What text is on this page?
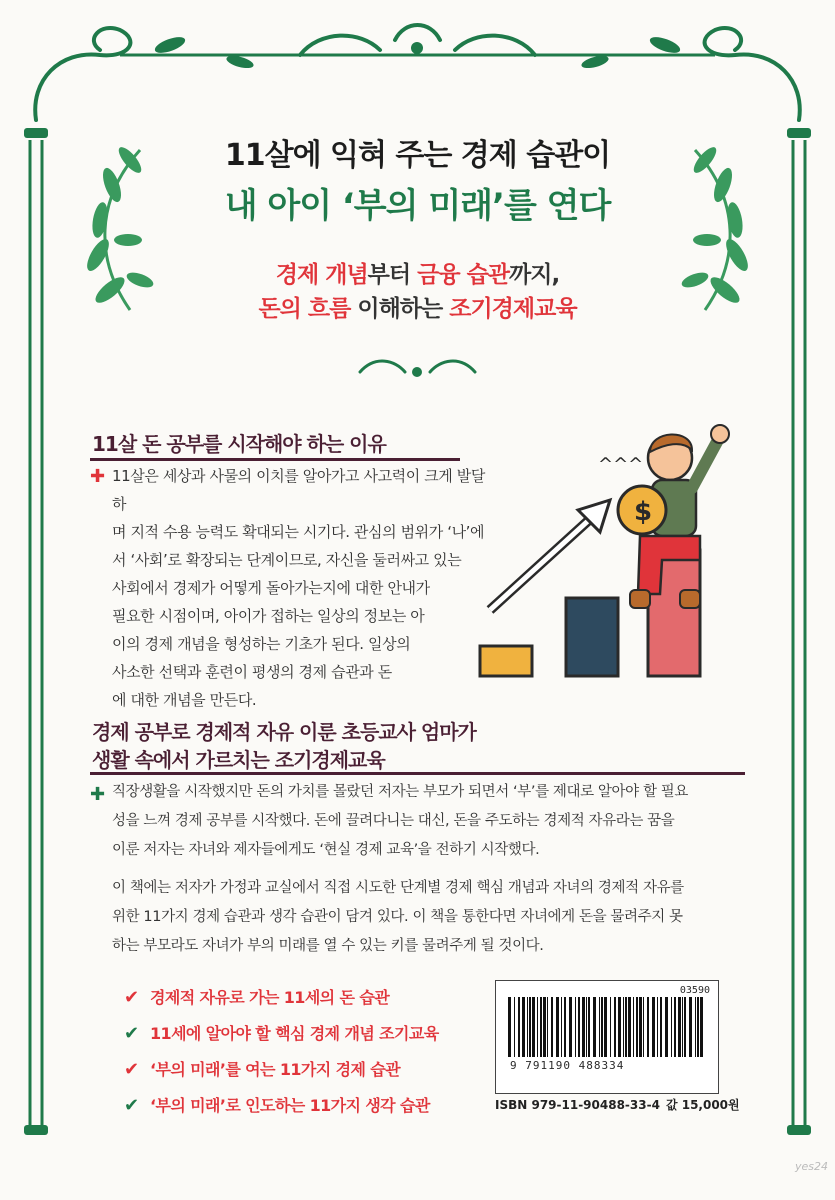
11살에 익혀 주는 경제 습관이
내 아이 ‘부의 미래’를 연다
경제 개념부터 금융 습관까지,
돈의 흐름 이해하는 조기경제교육
11살 돈 공부를 시작해야 하는 이유
✚ 11살은 세상과 사물의 이치를 알아가고 사고력이 크게 발달하
며 지적 수용 능력도 확대되는 시기다. 관심의 범위가 ‘나’에
서 ‘사회’로 확장되는 단계이므로, 자신을 둘러싸고 있는
사회에서 경제가 어떻게 돌아가는지에 대한 안내가
필요한 시점이며, 아이가 접하는 일상의 정보는 아
이의 경제 개념을 형성하는 기초가 된다. 일상의
사소한 선택과 훈련이 평생의 경제 습관과 돈
에 대한 개념을 만든다.
^^^
$
경제 공부로 경제적 자유 이룬 초등교사 엄마가
생활 속에서 가르치는 조기경제교육
✚ 직장생활을 시작했지만 돈의 가치를 몰랐던 저자는 부모가 되면서 ‘부’를 제대로 알아야 할 필요
성을 느껴 경제 공부를 시작했다. 돈에 끌려다니는 대신, 돈을 주도하는 경제적 자유라는 꿈을
이룬 저자는 자녀와 제자들에게도 ‘현실 경제 교육’을 전하기 시작했다.
이 책에는 저자가 가정과 교실에서 직접 시도한 단계별 경제 핵심 개념과 자녀의 경제적 자유를
위한 11가지 경제 습관과 생각 습관이 담겨 있다. 이 책을 통한다면 자녀에게 돈을 물려주지 못
하는 부모라도 자녀가 부의 미래를 열 수 있는 키를 물려주게 될 것이다.
✔ 경제적 자유로 가는 11세의 돈 습관
✔ 11세에 알아야 할 핵심 경제 개념 조기교육
✔ ‘부의 미래’를 여는 11가지 경제 습관
✔ ‘부의 미래’로 인도하는 11가지 생각 습관
03590
9 791190 488334
ISBN 979-11-90488-33-4 값 15,000원
yes24
